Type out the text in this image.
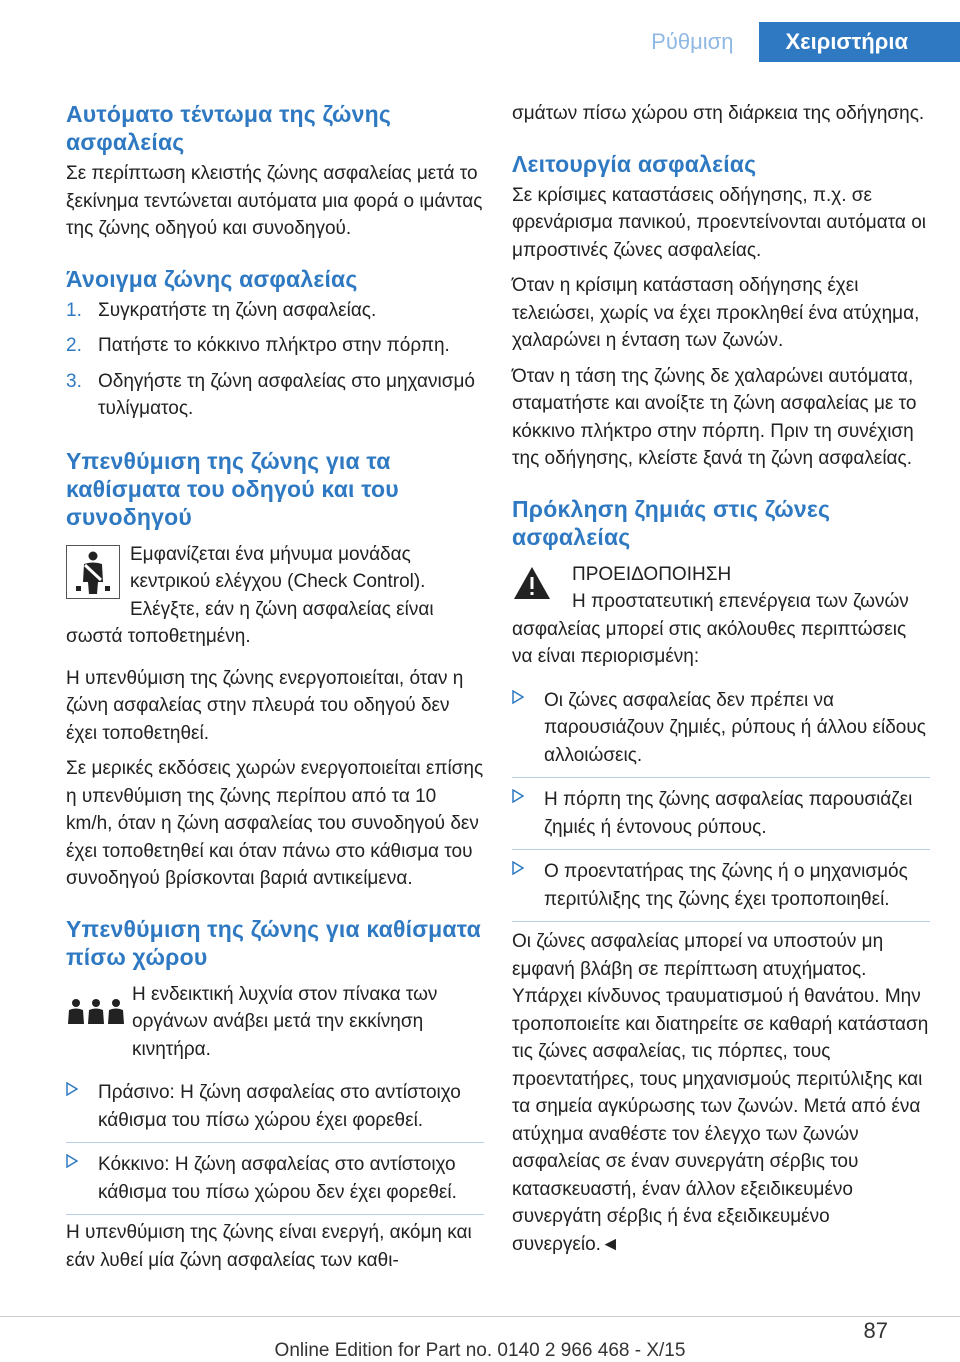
Ρύθμιση	Χειριστήρια
Αυτόματο τέντωμα της ζώνης ασφαλείας

Σε περίπτωση κλειστής ζώνης ασφαλείας μετά το ξεκίνημα τεντώνεται αυτόματα μια φορά ο ιμάντας της ζώνης οδηγού και συνοδηγού.

Άνοιγμα ζώνης ασφαλείας
1. Συγκρατήστε τη ζώνη ασφαλείας.
2. Πατήστε το κόκκινο πλήκτρο στην πόρπη.
3. Οδηγήστε τη ζώνη ασφαλείας στο μηχανισμό τυλίγματος.
Υπενθύμιση της ζώνης για τα καθίσματα του οδηγού και του συνοδηγού

Εμφανίζεται ένα μήνυμα μονάδας κεντρικού ελέγχου (Check Control). Ελέγξτε, εάν η ζώνη ασφαλείας είναι σωστά τοποθετημένη.

Η υπενθύμιση της ζώνης ενεργοποιείται, όταν η ζώνη ασφαλείας στην πλευρά του οδηγού δεν έχει τοποθετηθεί.

Σε μερικές εκδόσεις χωρών ενεργοποιείται επίσης η υπενθύμιση της ζώνης περίπου από τα 10 km/h, όταν η ζώνη ασφαλείας του συνοδηγού δεν έχει τοποθετηθεί και όταν πάνω στο κάθισμα του συνοδηγού βρίσκονται βαριά αντικείμενα.

Υπενθύμιση της ζώνης για καθίσματα πίσω χώρου

Η ενδεικτική λυχνία στον πίνακα των οργάνων ανάβει μετά την εκκίνηση κινητήρα.

Πράσινο: Η ζώνη ασφαλείας στο αντίστοιχο κάθισμα του πίσω χώρου έχει φορεθεί.
Κόκκινο: Η ζώνη ασφαλείας στο αντίστοιχο κάθισμα του πίσω χώρου δεν έχει φορεθεί.

Η υπενθύμιση της ζώνης είναι ενεργή, ακόμη και εάν λυθεί μία ζώνη ασφαλείας των καθι-

σμάτων πίσω χώρου στη διάρκεια της οδήγησης.

Λειτουργία ασφαλείας

Σε κρίσιμες καταστάσεις οδήγησης, π.χ. σε φρενάρισμα πανικού, προεντείνονται αυτόματα οι μπροστινές ζώνες ασφαλείας.

Όταν η κρίσιμη κατάσταση οδήγησης έχει τελειώσει, χωρίς να έχει προκληθεί ένα ατύχημα, χαλαρώνει η ένταση των ζωνών.

Όταν η τάση της ζώνης δε χαλαρώνει αυτόματα, σταματήστε και ανοίξτε τη ζώνη ασφαλείας με το κόκκινο πλήκτρο στην πόρπη. Πριν τη συνέχιση της οδήγησης, κλείστε ξανά τη ζώνη ασφαλείας.

Πρόκληση ζημιάς στις ζώνες ασφαλείας

ΠΡΟΕΙΔΟΠΟΙΗΣΗ

Η προστατευτική επενέργεια των ζωνών ασφαλείας μπορεί στις ακόλουθες περιπτώσεις να είναι περιορισμένη:

Οι ζώνες ασφαλείας δεν πρέπει να παρουσιάζουν ζημιές, ρύπους ή άλλου είδους αλλοιώσεις.
Η πόρπη της ζώνης ασφαλείας παρουσιάζει ζημιές ή έντονους ρύπους.
Ο προεντατήρας της ζώνης ή ο μηχανισμός περιτύλιξης της ζώνης έχει τροποποιηθεί.

Οι ζώνες ασφαλείας μπορεί να υποστούν μη εμφανή βλάβη σε περίπτωση ατυχήματος. Υπάρχει κίνδυνος τραυματισμού ή θανάτου. Μην τροποποιείτε και διατηρείτε σε καθαρή κατάσταση τις ζώνες ασφαλείας, τις πόρπες, τους προεντατήρες, τους μηχανισμούς περιτύλιξης και τα σημεία αγκύρωσης των ζωνών. Μετά από ένα ατύχημα αναθέστε τον έλεγχο των ζωνών ασφαλείας σε έναν συνεργάτη σέρβις του κατασκευαστή, έναν άλλον εξειδικευμένο συνεργάτη σέρβις ή ένα εξειδικευμένο συνεργείο.◄

87
Online Edition for Part no. 0140 2 966 468 - X/15
